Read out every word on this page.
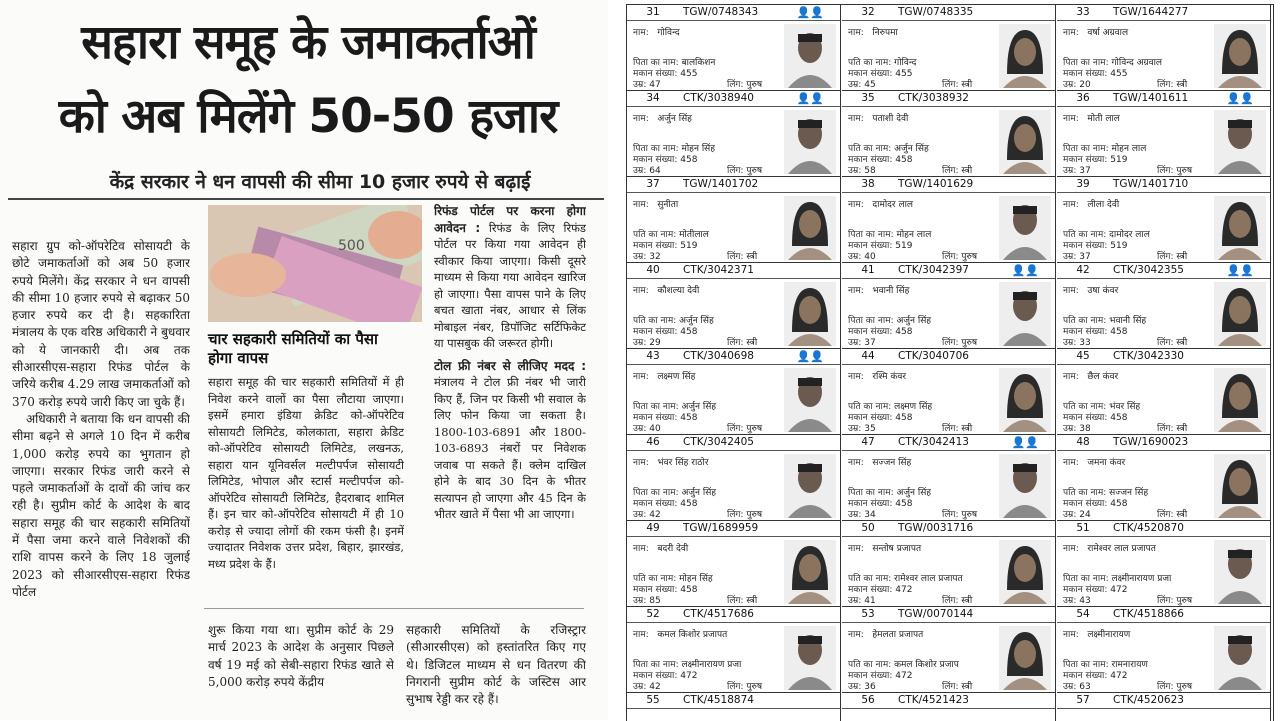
सहारा समूह के जमाकर्ताओं
को अब मिलेंगे 50-50 हजार
केंद्र सरकार ने धन वापसी की सीमा 10 हजार रुपये से बढ़ाई

सहारा ग्रुप को-ऑपरेटिव सोसायटी के छोटे जमाकर्ताओं को अब 50 हजार रुपये मिलेंगे। केंद्र सरकार ने धन वापसी की सीमा 10 हजार रुपये से बढ़ाकर 50 हजार रुपये कर दी है। सहकारिता मंत्रालय के एक वरिष्ठ अधिकारी ने बुधवार को ये जानकारी दी। अब तक सीआरसीएस-सहारा रिफंड पोर्टल के जरिये करीब 4.29 लाख जमाकर्ताओं को 370 करोड़ रुपये जारी किए जा चुके हैं।

अधिकारी ने बताया कि धन वापसी की सीमा बढ़ने से अगले 10 दिन में करीब 1,000 करोड़ रुपये का भुगतान हो जाएगा। सरकार रिफंड जारी करने से पहले जमाकर्ताओं के दावों की जांच कर रही है। सुप्रीम कोर्ट के आदेश के बाद सहारा समूह की चार सहकारी समितियों में पैसा जमा करने वाले निवेशकों की राशि वापस करने के लिए 18 जुलाई 2023 को सीआरसीएस-सहारा रिफंड पोर्टल

500
चार सहकारी समितियों का पैसा होगा वापस
सहारा समूह की चार सहकारी समितियों में ही निवेश करने वालों का पैसा लौटाया जाएगा। इसमें हमारा इंडिया क्रेडिट को-ऑपरेटिव सोसायटी लिमिटेड, कोलकाता, सहारा क्रेडिट को-ऑपरेटिव सोसायटी लिमिटेड, लखनऊ, सहारा यान यूनिवर्सल मल्टीपर्पज सोसायटी लिमिटेड, भोपाल और स्टार्स मल्टीपर्पज को-ऑपरेटिव सोसायटी लिमिटेड, हैदराबाद शामिल हैं। इन चार को-ऑपरेटिव सोसायटी में ही 10 करोड़ से ज्यादा लोगों की रकम फंसी है। इनमें ज्यादातर निवेशक उत्तर प्रदेश, बिहार, झारखंड, मध्य प्रदेश के हैं।

रिफंड पोर्टल पर करना होगा आवेदन : रिफंड के लिए रिफंड पोर्टल पर किया गया आवेदन ही स्वीकार किया जाएगा। किसी दूसरे माध्यम से किया गया आवेदन खारिज हो जाएगा। पैसा वापस पाने के लिए बचत खाता नंबर, आधार से लिंक मोबाइल नंबर, डिपॉजिट सर्टिफिकेट या पासबुक की जरूरत होगी।

टोल फ्री नंबर से लीजिए मदद : मंत्रालय ने टोल फ्री नंबर भी जारी किए हैं, जिन पर किसी भी सवाल के लिए फोन किया जा सकता है। 1800-103-6891 और 1800-103-6893 नंबरों पर निवेशक जवाब पा सकते हैं। क्लेम दाखिल होने के बाद 30 दिन के भीतर सत्यापन हो जाएगा और 45 दिन के भीतर खाते में पैसा भी आ जाएगा।

शुरू किया गया था। सुप्रीम कोर्ट के 29 मार्च 2023 के आदेश के अनुसार पिछले वर्ष 19 मई को सेबी-सहारा रिफंड खाते से 5,000 करोड़ रुपये केंद्रीय
सहकारी समितियों के रजिस्ट्रार (सीआरसीएस) को हस्तांतरित किए गए थे। डिजिटल माध्यम से धन वितरण की निगरानी सुप्रीम कोर्ट के जस्टिस आर सुभाष रेड्डी कर रहे हैं।
31	TGW/0748343	👤👤
नाम:   गोविन्द
पिता का नाम: बालकिशन
मकान संख्या: 455
उम्र: 47	लिंग: पुरुष
32	TGW/0748335
नाम:   निरुपमा
पति का नाम: गोविन्द
मकान संख्या: 455
उम्र: 45	लिंग: स्त्री
33	TGW/1644277
नाम:   वर्षा अग्रवाल
पिता का नाम: गोविन्द अग्रवाल
मकान संख्या: 455
उम्र: 20	लिंग: स्त्री
34	CTK/3038940	👤👤
नाम:   अर्जुन सिंह
पिता का नाम: मोहन सिंह
मकान संख्या: 458
उम्र: 64	लिंग: पुरुष
35	CTK/3038932
नाम:   पताशी देवी
पति का नाम: अर्जुन सिंह
मकान संख्या: 458
उम्र: 58	लिंग: स्त्री
36	TGW/1401611	👤👤
नाम:   मोती लाल
पिता का नाम: मोहन लाल
मकान संख्या: 519
उम्र: 37	लिंग: पुरुष
37	TGW/1401702
नाम:   सुनीता
पति का नाम: मोतीलाल
मकान संख्या: 519
उम्र: 32	लिंग: स्त्री
38	TGW/1401629
नाम:   दामोदर लाल
पिता का नाम: मोहन लाल
मकान संख्या: 519
उम्र: 40	लिंग: पुरुष
39	TGW/1401710
नाम:   लीला देवी
पति का नाम: दामोदर लाल
मकान संख्या: 519
उम्र: 37	लिंग: स्त्री
40	CTK/3042371
नाम:   कौशल्या देवी
पति का नाम: अर्जुन सिंह
मकान संख्या: 458
उम्र: 29	लिंग: स्त्री
41	CTK/3042397	👤👤
नाम:   भवानी सिंह
पिता का नाम: अर्जुन सिंह
मकान संख्या: 458
उम्र: 37	लिंग: पुरुष
42	CTK/3042355	👤👤
नाम:   उषा कंवर
पति का नाम: भवानी सिंह
मकान संख्या: 458
उम्र: 33	लिंग: स्त्री
43	CTK/3040698	👤👤
नाम:   लक्ष्मण सिंह
पिता का नाम: अर्जुन सिंह
मकान संख्या: 458
उम्र: 40	लिंग: पुरुष
44	CTK/3040706
नाम:   रश्मि कंवर
पति का नाम: लक्ष्मण सिंह
मकान संख्या: 458
उम्र: 35	लिंग: स्त्री
45	CTK/3042330
नाम:   छैल कंवर
पति का नाम: भंवर सिंह
मकान संख्या: 458
उम्र: 38	लिंग: स्त्री
46	CTK/3042405
नाम:   भंवर सिंह राठोर
पिता का नाम: अर्जुन सिंह
मकान संख्या: 458
उम्र: 42	लिंग: पुरुष
47	CTK/3042413	👤👤
नाम:   सज्जन सिंह
पिता का नाम: अर्जुन सिंह
मकान संख्या: 458
उम्र: 34	लिंग: पुरुष
48	TGW/1690023
नाम:   जमना कंवर
पति का नाम: सज्जन सिंह
मकान संख्या: 458
उम्र: 24	लिंग: स्त्री
49	TGW/1689959
नाम:   बदरी देवी
पति का नाम: मोहन सिंह
मकान संख्या: 458
उम्र: 85	लिंग: स्त्री
50	TGW/0031716
नाम:   सन्तोष प्रजापत
पति का नाम: रामेश्वर लाल प्रजापत
मकान संख्या: 472
उम्र: 41	लिंग: स्त्री
51	CTK/4520870
नाम:   रामेश्वर लाल प्रजापत
पिता का नाम: लक्ष्मीनारायण प्रजा
मकान संख्या: 472
उम्र: 43	लिंग: पुरुष
52	CTK/4517686
नाम:   कमल किशोर प्रजापत
पिता का नाम: लक्ष्मीनारायण प्रजा
मकान संख्या: 472
उम्र: 42	लिंग: पुरुष
53	TGW/0070144
नाम:   हेमलता प्रजापत
पति का नाम: कमल किशोर प्रजाप
मकान संख्या: 472
उम्र: 36	लिंग: स्त्री
54	CTK/4518866
नाम:   लक्ष्मीनारायण
पिता का नाम: रामनारायण
मकान संख्या: 472
उम्र: 63	लिंग: पुरुष
55	CTK/4518874	56	CTK/4521423	57	CTK/4520623
